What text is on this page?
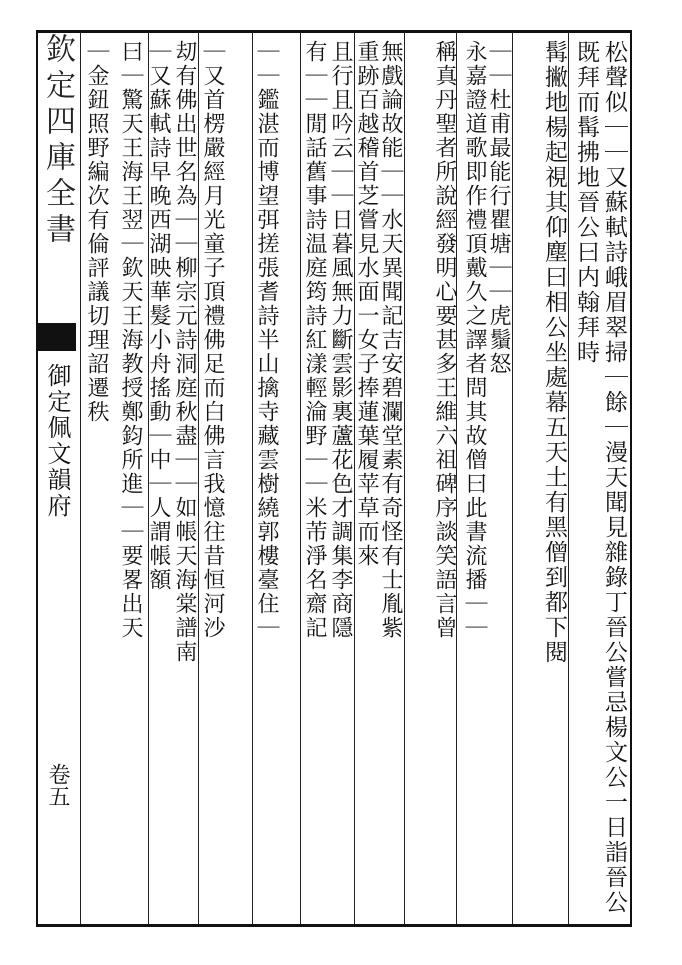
欽定四庫全書
御定佩文韻府
卷五	松聲似｜｜又蘇軾詩峨眉翠掃｜餘｜漫天聞見雜錄丁晉公嘗忌楊文公一日詣晉公既拜而髯拂地晉公曰内翰拜時
髯撇地楊起視其仰塵曰相公坐處幕五天土有黑僧到都下閱
｜｜杜甫最能行瞿塘｜｜虎鬚怒
永嘉證道歌即作禮頂戴久之譯者問其故僧曰此書流播｜｜
稱真丹聖者所說經發明心要甚多王維六祖碑序談笑語言曾
無戲論故能｜｜水天異聞記吉安碧瀾堂素有奇怪有士胤紫
重跡百越稽首芝嘗見水面一女子捧蓮葉履苹草而來
且行且吟云｜｜日暮風無力斷雲影裏蘆花色才調集李商隱
有｜｜閒話舊事詩温庭筠詩紅漾輕淪野｜｜米芾淨名齋記
｜｜鑑湛而博望弭搓張耆詩半山擒寺藏雲樹繞郭樓臺住｜
｜又首楞嚴經月光童子頂禮佛足而白佛言我憶往昔恒河沙
刧有佛出世名為｜｜柳宗元詩洞庭秋盡｜｜如帳天海棠譜南
｜又蘇軾詩早晚西湖映華髮小舟搖動｜中｜人謂帳額
曰｜驚天王海王翌｜欽天王海教授鄭鈞所進｜｜要畧出天
｜金鈕照野編次有倫評議切理詔遷秩
